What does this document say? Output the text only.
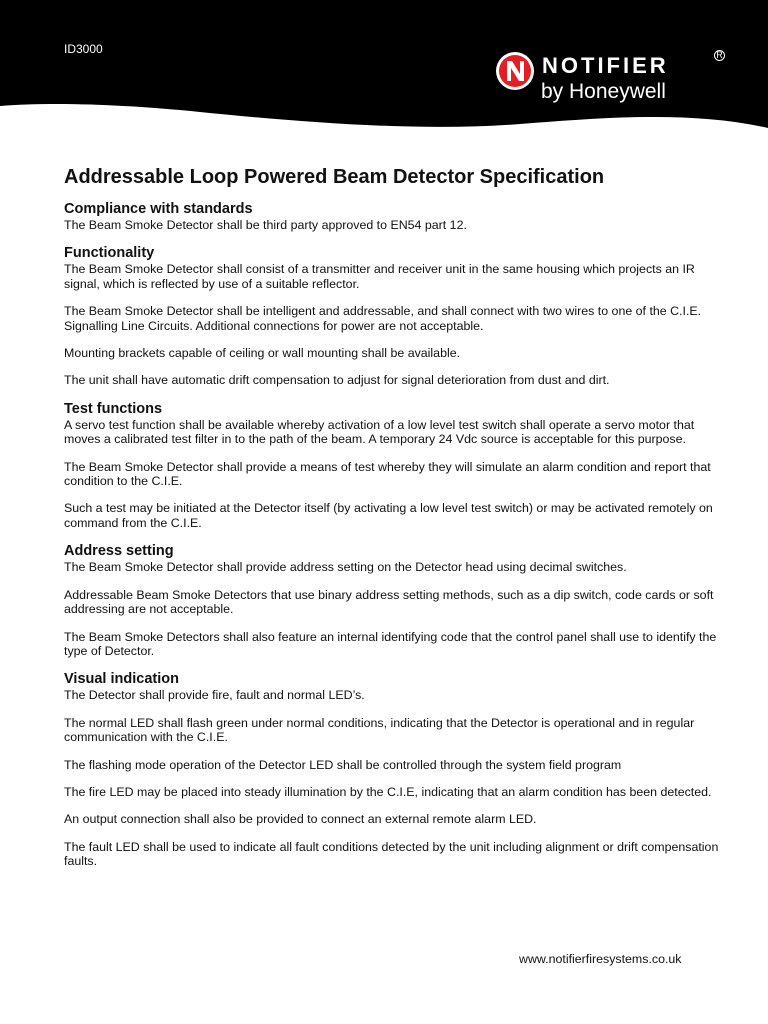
ID3000
NOTIFIER	R
by Honeywell
Addressable Loop Powered Beam Detector Specification
Compliance with standards

The Beam Smoke Detector shall be third party approved to EN54 part 12.

Functionality

The Beam Smoke Detector shall consist of a transmitter and receiver unit in the same housing which projects an IR signal, which is reflected by use of a suitable reflector.

The Beam Smoke Detector shall be intelligent and addressable, and shall connect with two wires to one of the C.I.E. Signalling Line Circuits. Additional connections for power are not acceptable.

Mounting brackets capable of ceiling or wall mounting shall be available.

The unit shall have automatic drift compensation to adjust for signal deterioration from dust and dirt.

Test functions

A servo test function shall be available whereby activation of a low level test switch shall operate a servo motor that moves a calibrated test filter in to the path of the beam. A temporary 24 Vdc source is acceptable for this purpose.

The Beam Smoke Detector shall provide a means of test whereby they will simulate an alarm condition and report that condition to the C.I.E.

Such a test may be initiated at the Detector itself (by activating a low level test switch) or may be activated remotely on command from the C.I.E.

Address setting

The Beam Smoke Detector shall provide address setting on the Detector head using decimal switches.

Addressable Beam Smoke Detectors that use binary address setting methods, such as a dip switch, code cards or soft addressing are not acceptable.

The Beam Smoke Detectors shall also feature an internal identifying code that the control panel shall use to identify the type of Detector.

Visual indication

The Detector shall provide fire, fault and normal LED’s.

The normal LED shall flash green under normal conditions, indicating that the Detector is operational and in regular communication with the C.I.E.

The flashing mode operation of the Detector LED shall be controlled through the system field program

The fire LED may be placed into steady illumination by the C.I.E, indicating that an alarm condition has been detected.

An output connection shall also be provided to connect an external remote alarm LED.

The fault LED shall be used to indicate all fault conditions detected by the unit including alignment or drift compensation faults.

www.notifierfiresystems.co.uk
